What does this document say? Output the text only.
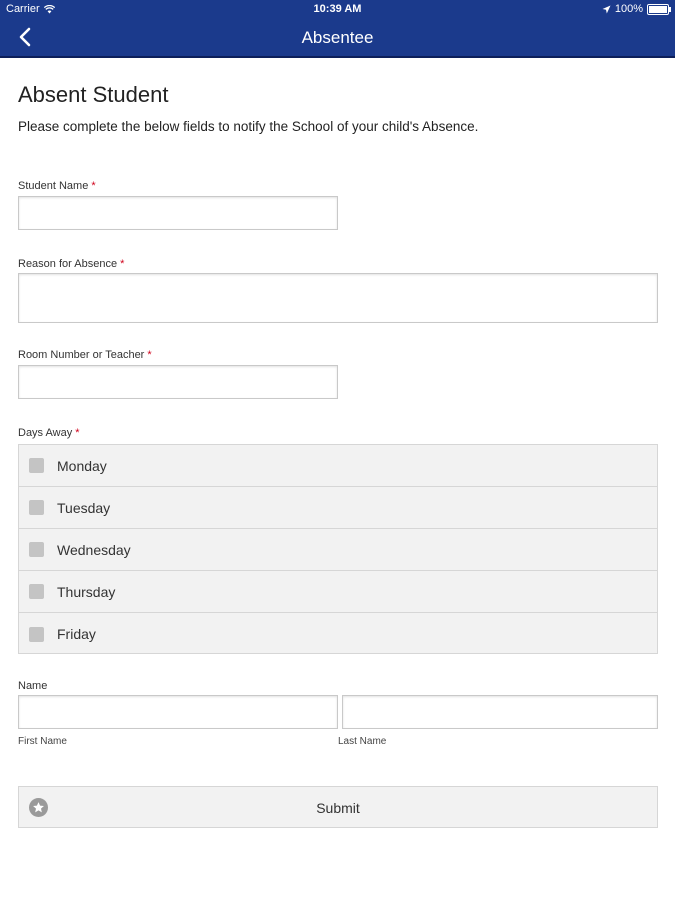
Carrier	10:39 AM	100%
Absentee
Absent Student
Please complete the below fields to notify the School of your child's Absence.
Student Name *
Reason for Absence *
Room Number or Teacher *
Days Away *
Monday
Tuesday
Wednesday
Thursday
Friday
Name
First Name	Last Name
Submit
